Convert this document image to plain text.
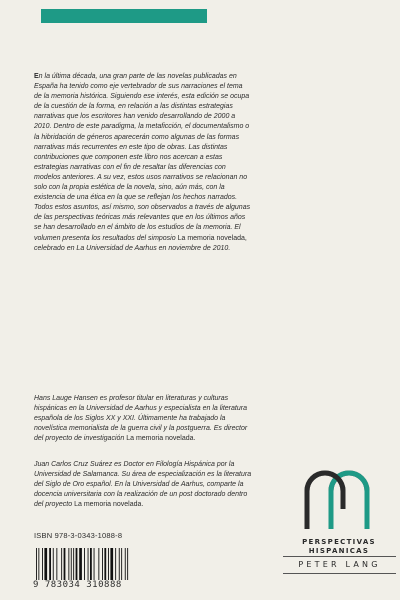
En la última década, una gran parte de las novelas publicadas en España ha tenido como eje vertebrador de sus narraciones el tema de la memoria histórica. Siguiendo ese interés, esta edición se ocupa de la cuestión de la forma, en relación a las distintas estrategias narrativas que los escritores han venido desarrollando de 2000 a 2010. Dentro de este paradigma, la metaficción, el documentalismo o la hibridación de géneros aparecerán como algunas de las formas narrativas más recurrentes en este tipo de obras. Las distintas contribuciones que componen este libro nos acercan a estas estrategias narrativas con el fin de resaltar las diferencias con modelos anteriores. A su vez, estos usos narrativos se relacionan no solo con la propia estética de la novela, sino, aún más, con la existencia de una ética en la que se reflejan los hechos narrados. Todos estos asuntos, así mismo, son observados a través de algunas de las perspectivas teóricas más relevantes que en los últimos años se han desarrollado en el ámbito de los estudios de la memoria. El volumen presenta los resultados del simposio La memoria novelada, celebrado en La Universidad de Aarhus en noviembre de 2010.

Hans Lauge Hansen es profesor titular en literaturas y culturas hispánicas en la Universidad de Aarhus y especialista en la literatura española de los Siglos XX y XXI. Últimamente ha trabajado la novelística memorialista de la guerra civil y la postguerra. Es director del proyecto de investigación La memoria novelada.

Juan Carlos Cruz Suárez es Doctor en Filología Hispánica por la Universidad de Salamanca. Su área de especialización es la literatura del Siglo de Oro español. En la Universidad de Aarhus, comparte la docencia universitaria con la realización de un post doctorado dentro del proyecto La memoria novelada.

ISBN 978-3-0343-1088-8
9 783034 310888
PERSPECTIVAS
HISPANICAS
PETER LANG
